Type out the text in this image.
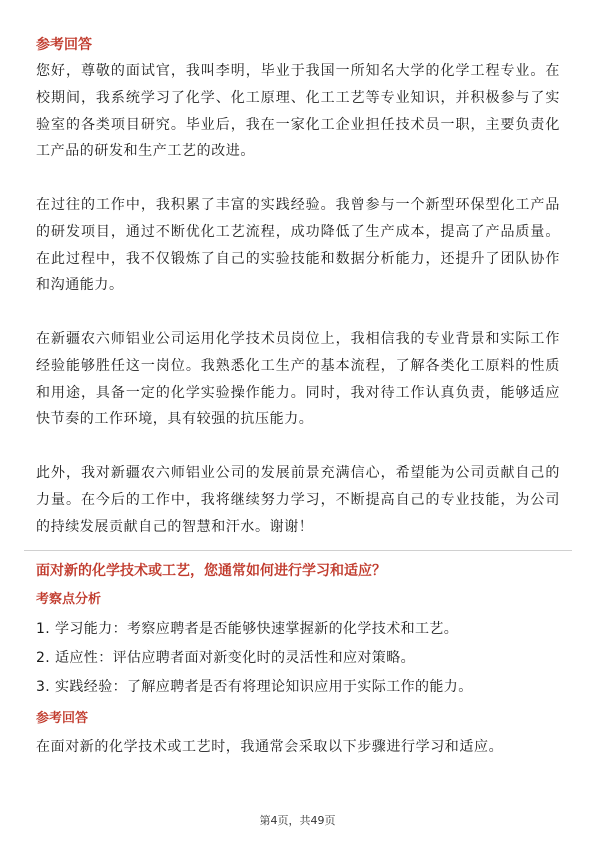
参考回答

您好，尊敬的面试官，我叫李明，毕业于我国一所知名大学的化学工程专业。在校期间，我系统学习了化学、化工原理、化工工艺等专业知识，并积极参与了实验室的各类项目研究。毕业后，我在一家化工企业担任技术员一职，主要负责化工产品的研发和生产工艺的改进。

在过往的工作中，我积累了丰富的实践经验。我曾参与一个新型环保型化工产品的研发项目，通过不断优化工艺流程，成功降低了生产成本，提高了产品质量。在此过程中，我不仅锻炼了自己的实验技能和数据分析能力，还提升了团队协作和沟通能力。

在新疆农六师铝业公司运用化学技术员岗位上，我相信我的专业背景和实际工作经验能够胜任这一岗位。我熟悉化工生产的基本流程，了解各类化工原料的性质和用途，具备一定的化学实验操作能力。同时，我对待工作认真负责，能够适应快节奏的工作环境，具有较强的抗压能力。

此外，我对新疆农六师铝业公司的发展前景充满信心，希望能为公司贡献自己的力量。在今后的工作中，我将继续努力学习，不断提高自己的专业技能，为公司的持续发展贡献自己的智慧和汗水。谢谢！

面对新的化学技术或工艺，您通常如何进行学习和适应？
考察点分析
1. 学习能力：考察应聘者是否能够快速掌握新的化学技术和工艺。
2. 适应性：评估应聘者面对新变化时的灵活性和应对策略。
3. 实践经验：了解应聘者是否有将理论知识应用于实际工作的能力。
参考回答

在面对新的化学技术或工艺时，我通常会采取以下步骤进行学习和适应。

第4页，共49页
